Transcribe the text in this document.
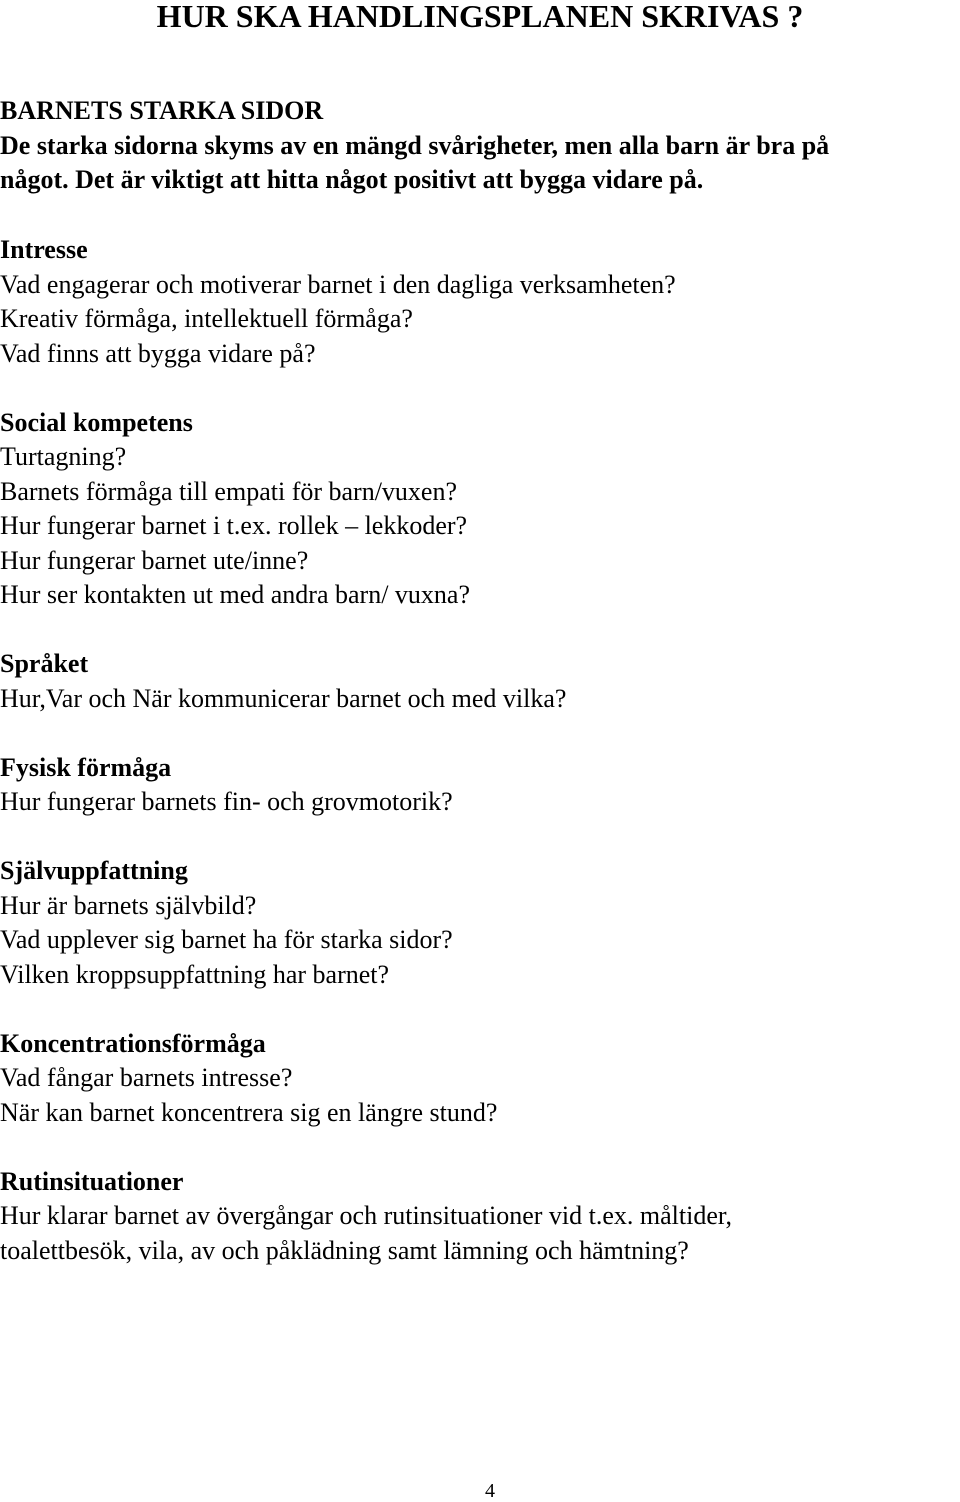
HUR SKA HANDLINGSPLANEN SKRIVAS ?
BARNETS STARKA SIDOR
De starka sidorna skyms av en mängd svårigheter, men alla barn är bra på
något. Det är viktigt att hitta något positivt att bygga vidare på.
Intresse
Vad engagerar och motiverar barnet i den dagliga verksamheten?
Kreativ förmåga, intellektuell förmåga?
Vad finns att bygga vidare på?
Social kompetens
Turtagning?
Barnets förmåga till empati för barn/vuxen?
Hur fungerar barnet i t.ex. rollek – lekkoder?
Hur fungerar barnet ute/inne?
Hur ser kontakten ut med andra barn/ vuxna?
Språket
Hur,Var och När kommunicerar barnet och med vilka?
Fysisk förmåga
Hur fungerar barnets fin- och grovmotorik?
Självuppfattning
Hur är barnets självbild?
Vad upplever sig barnet ha för starka sidor?
Vilken kroppsuppfattning har barnet?
Koncentrationsförmåga
Vad fångar barnets intresse?
När kan barnet koncentrera sig en längre stund?
Rutinsituationer
Hur klarar barnet av övergångar och rutinsituationer vid t.ex. måltider,
toalettbesök, vila, av och påklädning samt lämning och hämtning?
4
